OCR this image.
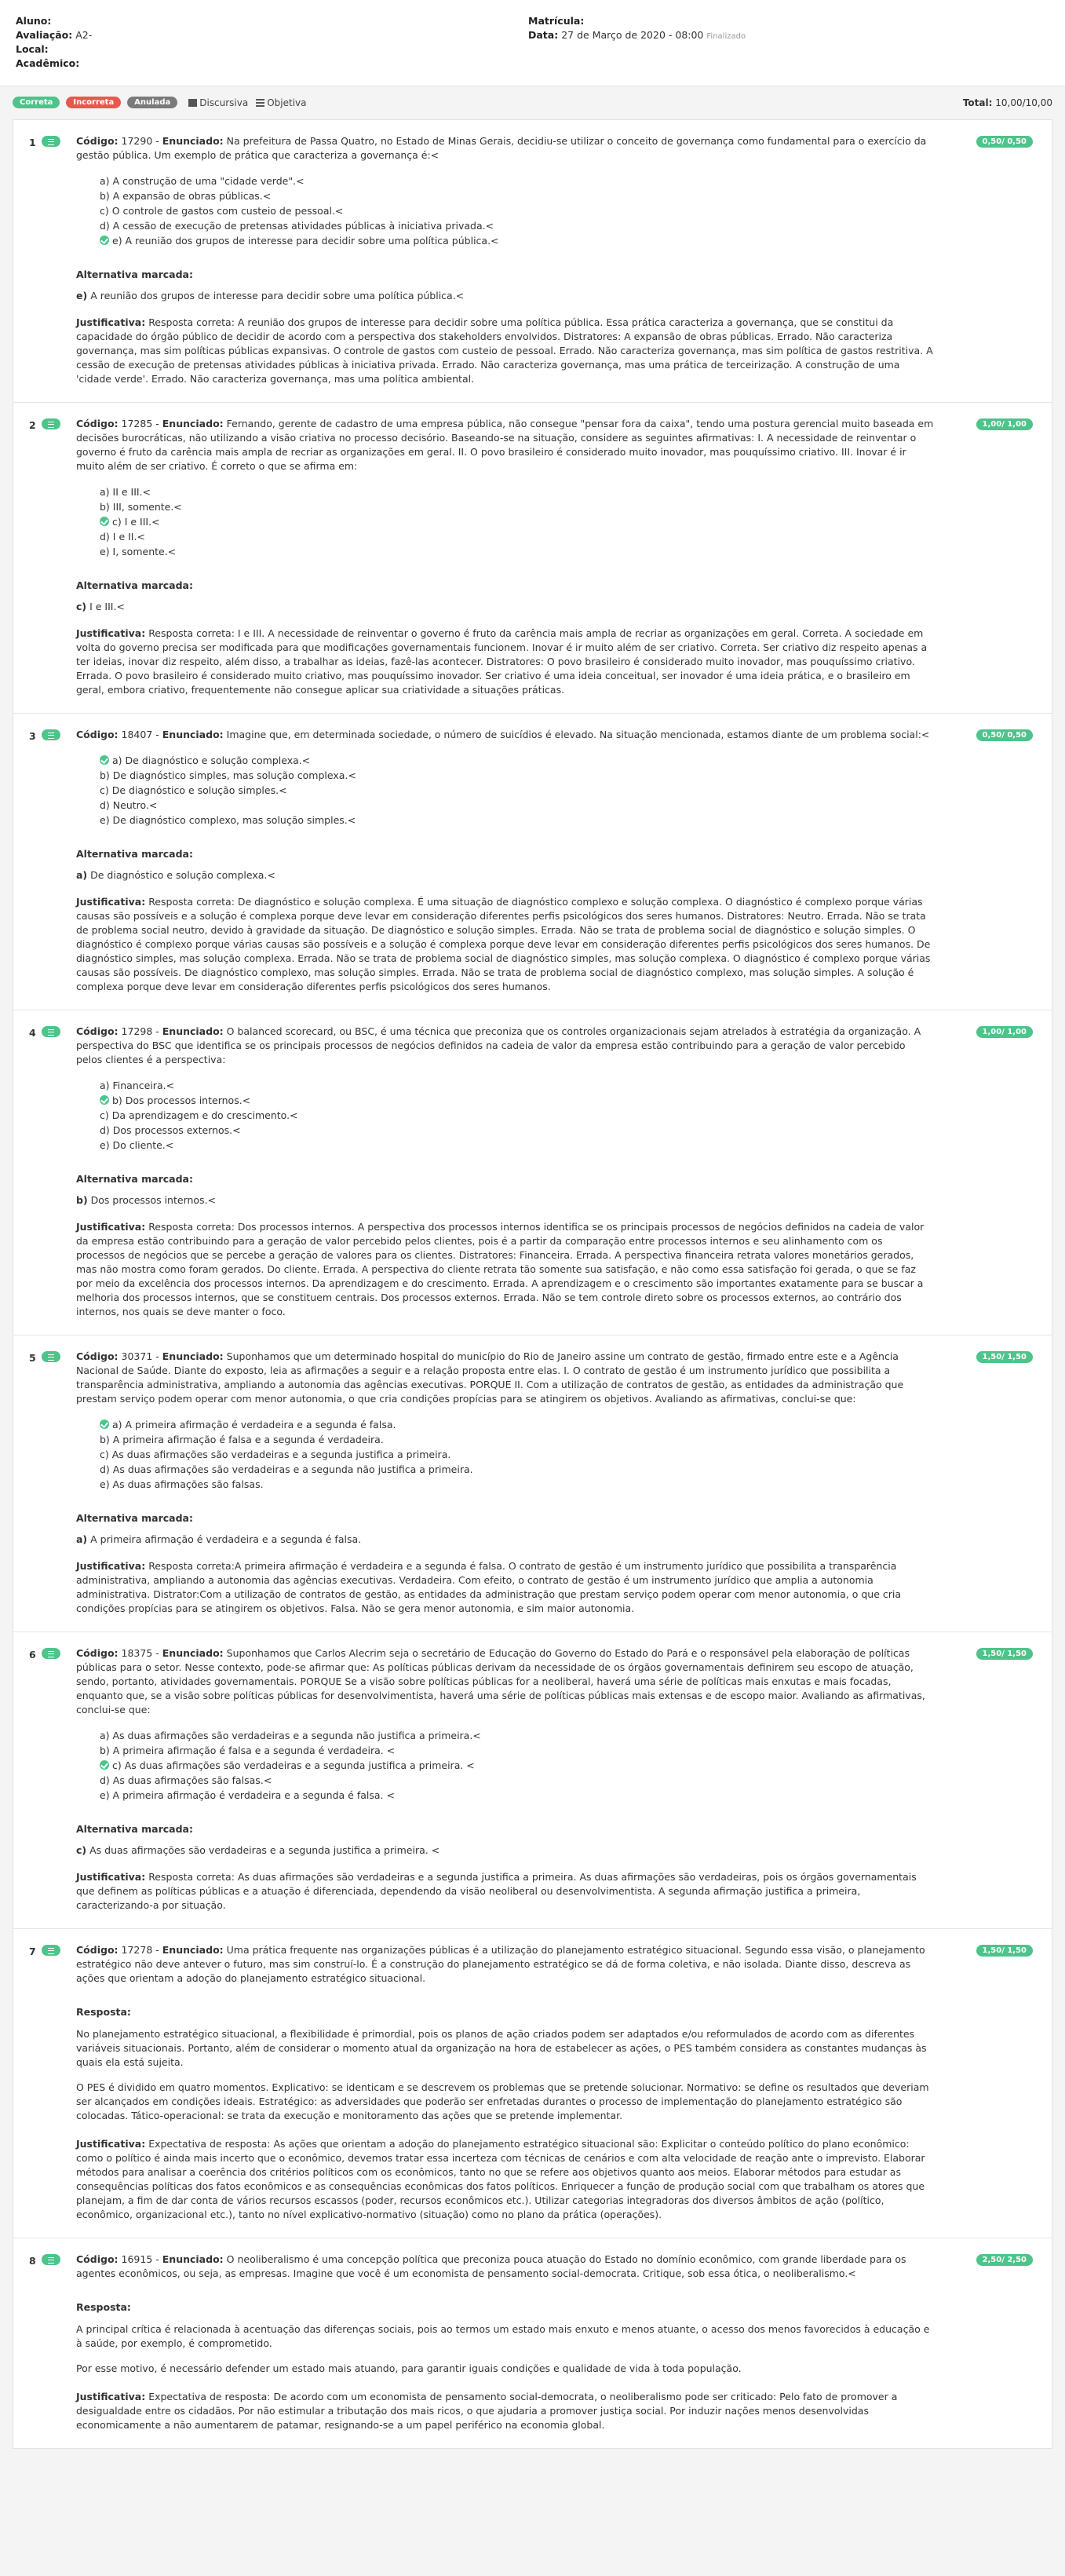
Aluno:
Avaliação: A2-
Local:
Acadêmico:
Matrícula:
Data: 27 de Março de 2020 - 08:00 Finalizado
Correta	Incorreta	Anulada	Discursiva Objetiva	Total: 10,00/10,00
1	0,50/ 0,50
Código: 17290 - Enunciado: Na prefeitura de Passa Quatro, no Estado de Minas Gerais, decidiu-se utilizar o conceito de governança como fundamental para o exercício da gestão pública. Um exemplo de prática que caracteriza a governança é:<
a) A construção de uma "cidade verde".<
b) A expansão de obras públicas.<
c) O controle de gastos com custeio de pessoal.<
d) A cessão de execução de pretensas atividades públicas à iniciativa privada.<
e) A reunião dos grupos de interesse para decidir sobre uma política pública.<
Alternativa marcada:
e) A reunião dos grupos de interesse para decidir sobre uma política pública.<
Justificativa: Resposta correta: A reunião dos grupos de interesse para decidir sobre uma política pública. Essa prática caracteriza a governança, que se constitui da capacidade do órgão público de decidir de acordo com a perspectiva dos stakeholders envolvidos. Distratores: A expansão de obras públicas. Errado. Não caracteriza governança, mas sim políticas públicas expansivas. O controle de gastos com custeio de pessoal. Errado. Não caracteriza governança, mas sim política de gastos restritiva. A cessão de execução de pretensas atividades públicas à iniciativa privada. Errado. Não caracteriza governança, mas uma prática de terceirização. A construção de uma 'cidade verde'. Errado. Não caracteriza governança, mas uma política ambiental.
2	1,00/ 1,00
Código: 17285 - Enunciado: Fernando, gerente de cadastro de uma empresa pública, não consegue "pensar fora da caixa", tendo uma postura gerencial muito baseada em decisões burocráticas, não utilizando a visão criativa no processo decisório. Baseando-se na situação, considere as seguintes afirmativas: I. A necessidade de reinventar o governo é fruto da carência mais ampla de recriar as organizações em geral. II. O povo brasileiro é considerado muito inovador, mas pouquíssimo criativo. III. Inovar é ir muito além de ser criativo. É correto o que se afirma em:
a) II e III.<
b) III, somente.<
c) I e III.<
d) I e II.<
e) I, somente.<
Alternativa marcada:
c) I e III.<
Justificativa: Resposta correta: I e III. A necessidade de reinventar o governo é fruto da carência mais ampla de recriar as organizações em geral. Correta. A sociedade em volta do governo precisa ser modificada para que modificações governamentais funcionem. Inovar é ir muito além de ser criativo. Correta. Ser criativo diz respeito apenas a ter ideias, inovar diz respeito, além disso, a trabalhar as ideias, fazê-las acontecer. Distratores: O povo brasileiro é considerado muito inovador, mas pouquíssimo criativo. Errada. O povo brasileiro é considerado muito criativo, mas pouquíssimo inovador. Ser criativo é uma ideia conceitual, ser inovador é uma ideia prática, e o brasileiro em geral, embora criativo, frequentemente não consegue aplicar sua criatividade a situações práticas.
3	0,50/ 0,50
Código: 18407 - Enunciado: Imagine que, em determinada sociedade, o número de suicídios é elevado. Na situação mencionada, estamos diante de um problema social:<
a) De diagnóstico e solução complexa.<
b) De diagnóstico simples, mas solução complexa.<
c) De diagnóstico e solução simples.<
d) Neutro.<
e) De diagnóstico complexo, mas solução simples.<
Alternativa marcada:
a) De diagnóstico e solução complexa.<
Justificativa: Resposta correta: De diagnóstico e solução complexa. É uma situação de diagnóstico complexo e solução complexa. O diagnóstico é complexo porque várias causas são possíveis e a solução é complexa porque deve levar em consideração diferentes perfis psicológicos dos seres humanos. Distratores: Neutro. Errada. Não se trata de problema social neutro, devido à gravidade da situação. De diagnóstico e solução simples. Errada. Não se trata de problema social de diagnóstico e solução simples. O diagnóstico é complexo porque várias causas são possíveis e a solução é complexa porque deve levar em consideração diferentes perfis psicológicos dos seres humanos. De diagnóstico simples, mas solução complexa. Errada. Não se trata de problema social de diagnóstico simples, mas solução complexa. O diagnóstico é complexo porque várias causas são possíveis. De diagnóstico complexo, mas solução simples. Errada. Não se trata de problema social de diagnóstico complexo, mas solução simples. A solução é complexa porque deve levar em consideração diferentes perfis psicológicos dos seres humanos.
4	1,00/ 1,00
Código: 17298 - Enunciado: O balanced scorecard, ou BSC, é uma técnica que preconiza que os controles organizacionais sejam atrelados à estratégia da organização. A perspectiva do BSC que identifica se os principais processos de negócios definidos na cadeia de valor da empresa estão contribuindo para a geração de valor percebido pelos clientes é a perspectiva:
a) Financeira.<
b) Dos processos internos.<
c) Da aprendizagem e do crescimento.<
d) Dos processos externos.<
e) Do cliente.<
Alternativa marcada:
b) Dos processos internos.<
Justificativa: Resposta correta: Dos processos internos. A perspectiva dos processos internos identifica se os principais processos de negócios definidos na cadeia de valor da empresa estão contribuindo para a geração de valor percebido pelos clientes, pois é a partir da comparação entre processos internos e seu alinhamento com os processos de negócios que se percebe a geração de valores para os clientes. Distratores: Financeira. Errada. A perspectiva financeira retrata valores monetários gerados, mas não mostra como foram gerados. Do cliente. Errada. A perspectiva do cliente retrata tão somente sua satisfação, e não como essa satisfação foi gerada, o que se faz por meio da excelência dos processos internos. Da aprendizagem e do crescimento. Errada. A aprendizagem e o crescimento são importantes exatamente para se buscar a melhoria dos processos internos, que se constituem centrais. Dos processos externos. Errada. Não se tem controle direto sobre os processos externos, ao contrário dos internos, nos quais se deve manter o foco.
5	1,50/ 1,50
Código: 30371 - Enunciado: Suponhamos que um determinado hospital do município do Rio de Janeiro assine um contrato de gestão, firmado entre este e a Agência Nacional de Saúde. Diante do exposto, leia as afirmações a seguir e a relação proposta entre elas. I. O contrato de gestão é um instrumento jurídico que possibilita a transparência administrativa, ampliando a autonomia das agências executivas. PORQUE II. Com a utilização de contratos de gestão, as entidades da administração que prestam serviço podem operar com menor autonomia, o que cria condições propícias para se atingirem os objetivos. Avaliando as afirmativas, conclui-se que:
a) A primeira afirmação é verdadeira e a segunda é falsa.
b) A primeira afirmação é falsa e a segunda é verdadeira.
c) As duas afirmações são verdadeiras e a segunda justifica a primeira.
d) As duas afirmações são verdadeiras e a segunda não justifica a primeira.
e) As duas afirmações são falsas.
Alternativa marcada:
a) A primeira afirmação é verdadeira e a segunda é falsa.
Justificativa: Resposta correta:A primeira afirmação é verdadeira e a segunda é falsa. O contrato de gestão é um instrumento jurídico que possibilita a transparência administrativa, ampliando a autonomia das agências executivas. Verdadeira. Com efeito, o contrato de gestão é um instrumento jurídico que amplia a autonomia administrativa. Distrator:Com a utilização de contratos de gestão, as entidades da administração que prestam serviço podem operar com menor autonomia, o que cria condições propícias para se atingirem os objetivos. Falsa. Não se gera menor autonomia, e sim maior autonomia.
6	1,50/ 1,50
Código: 18375 - Enunciado: Suponhamos que Carlos Alecrim seja o secretário de Educação do Governo do Estado do Pará e o responsável pela elaboração de políticas públicas para o setor. Nesse contexto, pode-se afirmar que: As políticas públicas derivam da necessidade de os órgãos governamentais definirem seu escopo de atuação, sendo, portanto, atividades governamentais. PORQUE Se a visão sobre políticas públicas for a neoliberal, haverá uma série de políticas mais enxutas e mais focadas, enquanto que, se a visão sobre políticas públicas for desenvolvimentista, haverá uma série de políticas públicas mais extensas e de escopo maior. Avaliando as afirmativas, conclui-se que:
a) As duas afirmações são verdadeiras e a segunda não justifica a primeira.<
b) A primeira afirmação é falsa e a segunda é verdadeira. <
c) As duas afirmações são verdadeiras e a segunda justifica a primeira. <
d) As duas afirmações são falsas.<
e) A primeira afirmação é verdadeira e a segunda é falsa. <
Alternativa marcada:
c) As duas afirmações são verdadeiras e a segunda justifica a primeira. <
Justificativa: Resposta correta: As duas afirmações são verdadeiras e a segunda justifica a primeira. As duas afirmações são verdadeiras, pois os órgãos governamentais que definem as políticas públicas e a atuação é diferenciada, dependendo da visão neoliberal ou desenvolvimentista. A segunda afirmação justifica a primeira, caracterizando-a por situação.
7	1,50/ 1,50
Código: 17278 - Enunciado: Uma prática frequente nas organizações públicas é a utilização do planejamento estratégico situacional. Segundo essa visão, o planejamento estratégico não deve antever o futuro, mas sim construí-lo. É a construção do planejamento estratégico se dá de forma coletiva, e não isolada. Diante disso, descreva as ações que orientam a adoção do planejamento estratégico situacional.
Resposta:
No planejamento estratégico situacional, a flexibilidade é primordial, pois os planos de ação criados podem ser adaptados e/ou reformulados de acordo com as diferentes variáveis situacionais. Portanto, além de considerar o momento atual da organização na hora de estabelecer as ações, o PES também considera as constantes mudanças às quais ela está sujeita.
O PES é dividido em quatro momentos. Explicativo: se identicam e se descrevem os problemas que se pretende solucionar. Normativo: se define os resultados que deveriam ser alcançados em condições ideais. Estratégico: as adversidades que poderão ser enfretadas durantes o processo de implementação do planejamento estratégico são colocadas. Tático-operacional: se trata da execução e monitoramento das ações que se pretende implementar.
Justificativa: Expectativa de resposta: As ações que orientam a adoção do planejamento estratégico situacional são: Explicitar o conteúdo político do plano econômico: como o político é ainda mais incerto que o econômico, devemos tratar essa incerteza com técnicas de cenários e com alta velocidade de reação ante o imprevisto. Elaborar métodos para analisar a coerência dos critérios políticos com os econômicos, tanto no que se refere aos objetivos quanto aos meios. Elaborar métodos para estudar as consequências políticas dos fatos econômicos e as consequências econômicas dos fatos políticos. Enriquecer a função de produção social com que trabalham os atores que planejam, a fim de dar conta de vários recursos escassos (poder, recursos econômicos etc.). Utilizar categorias integradoras dos diversos âmbitos de ação (político, econômico, organizacional etc.), tanto no nível explicativo-normativo (situação) como no plano da prática (operações).
8	2,50/ 2,50
Código: 16915 - Enunciado: O neoliberalismo é uma concepção política que preconiza pouca atuação do Estado no domínio econômico, com grande liberdade para os agentes econômicos, ou seja, as empresas. Imagine que você é um economista de pensamento social-democrata. Critique, sob essa ótica, o neoliberalismo.<
Resposta:
A principal crítica é relacionada à acentuação das diferenças sociais, pois ao termos um estado mais enxuto e menos atuante, o acesso dos menos favorecidos à educação e à saúde, por exemplo, é comprometido.
Por esse motivo, é necessário defender um estado mais atuando, para garantir iguais condições e qualidade de vida à toda população.
Justificativa: Expectativa de resposta: De acordo com um economista de pensamento social-democrata, o neoliberalismo pode ser criticado: Pelo fato de promover a desigualdade entre os cidadãos. Por não estimular a tributação dos mais ricos, o que ajudaria a promover justiça social. Por induzir nações menos desenvolvidas economicamente a não aumentarem de patamar, resignando-se a um papel periférico na economia global.
